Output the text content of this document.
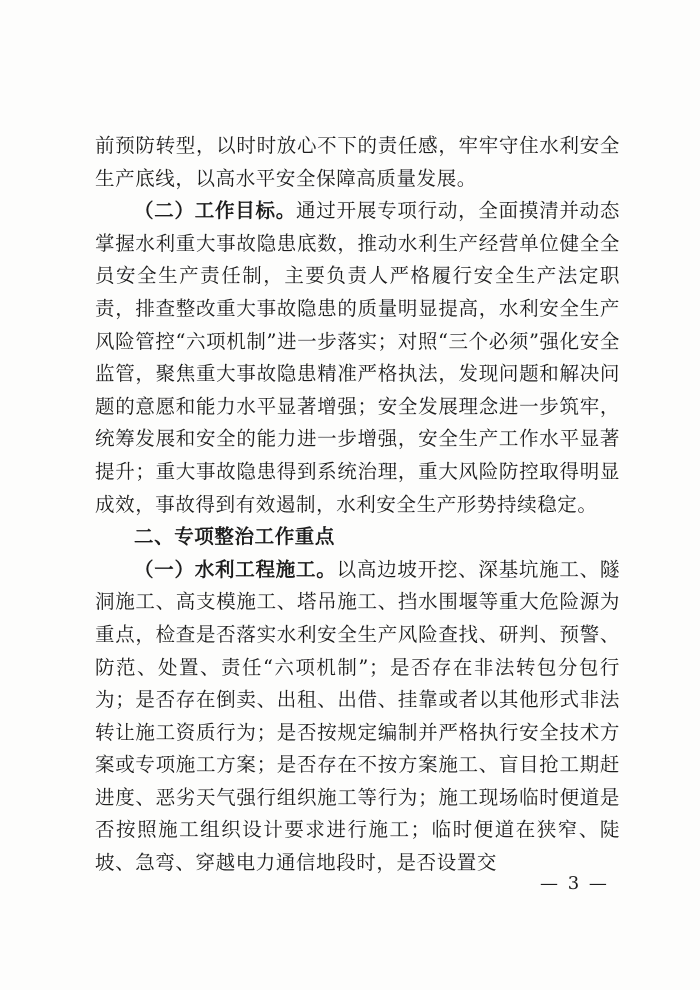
前预防转型，以时时放心不下的责任感，牢牢守住水利安全生产底线，以高水平安全保障高质量发展。

（二）工作目标。通过开展专项行动，全面摸清并动态掌握水利重大事故隐患底数，推动水利生产经营单位健全全员安全生产责任制，主要负责人严格履行安全生产法定职责，排查整改重大事故隐患的质量明显提高，水利安全生产风险管控“六项机制”进一步落实；对照“三个必须”强化安全监管，聚焦重大事故隐患精准严格执法，发现问题和解决问题的意愿和能力水平显著增强；安全发展理念进一步筑牢，统筹发展和安全的能力进一步增强，安全生产工作水平显著提升；重大事故隐患得到系统治理，重大风险防控取得明显成效，事故得到有效遏制，水利安全生产形势持续稳定。

二、专项整治工作重点

（一）水利工程施工。以高边坡开挖、深基坑施工、隧洞施工、高支模施工、塔吊施工、挡水围堰等重大危险源为重点，检查是否落实水利安全生产风险查找、研判、预警、防范、处置、责任“六项机制”；是否存在非法转包分包行为；是否存在倒卖、出租、出借、挂靠或者以其他形式非法转让施工资质行为；是否按规定编制并严格执行安全技术方案或专项施工方案；是否存在不按方案施工、盲目抢工期赶进度、恶劣天气强行组织施工等行为；施工现场临时便道是否按照施工组织设计要求进行施工；临时便道在狭窄、陡坡、急弯、穿越电力通信地段时，是否设置交

— 3 —
